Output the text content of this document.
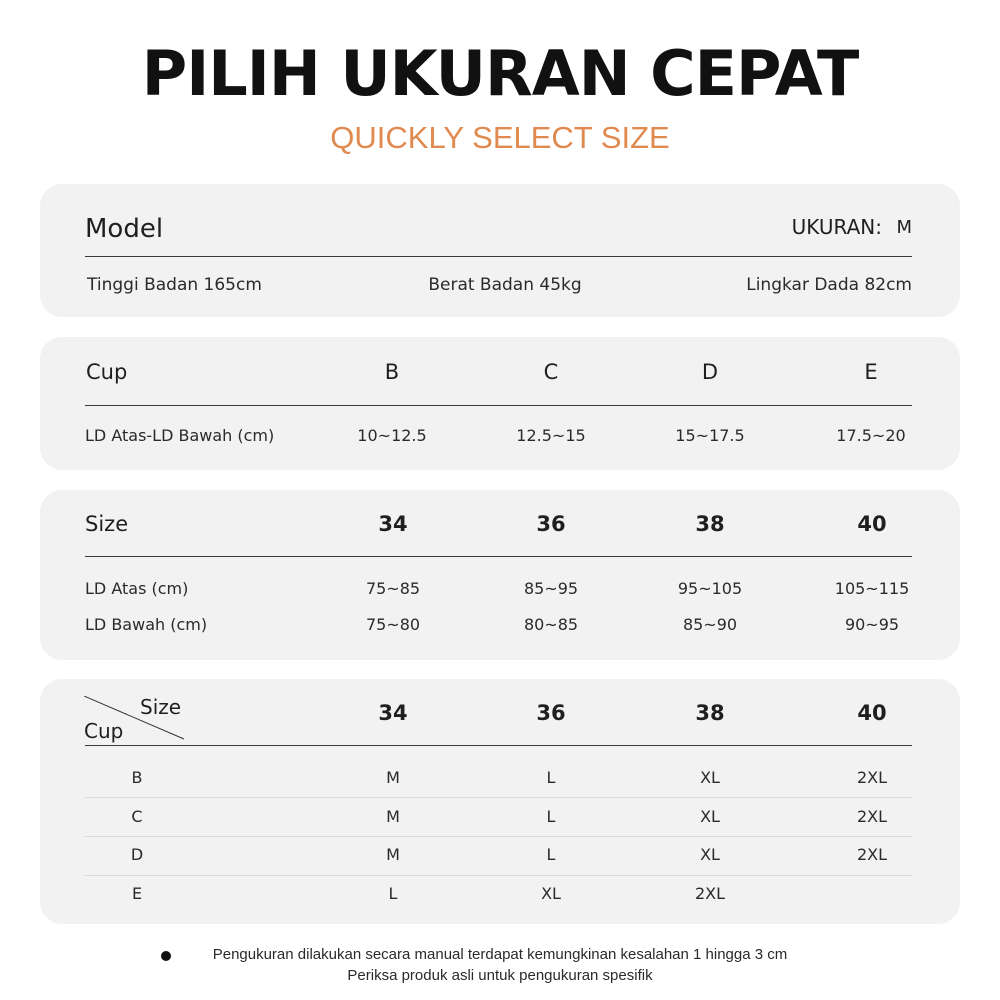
PILIH UKURAN CEPAT
QUICKLY SELECT SIZE
Model	UKURAN: M
Tinggi Badan 165cm	Berat Badan 45kg	Lingkar Dada 82cm
Cup	B	C	D	E
LD Atas-LD Bawah (cm)	10~12.5	12.5~15	15~17.5	17.5~20
Size	34	36	38	40
LD Atas (cm)	75~85	85~95	95~105	105~115
LD Bawah (cm)	75~80	80~85	85~90	90~95
Size
Cup
34	36	38	40
B	M	L	XL	2XL
C	M	L	XL	2XL
D	M	L	XL	2XL
E	L	XL	2XL
Pengukuran dilakukan secara manual terdapat kemungkinan kesalahan 1 hingga 3 cm
Periksa produk asli untuk pengukuran spesifik
